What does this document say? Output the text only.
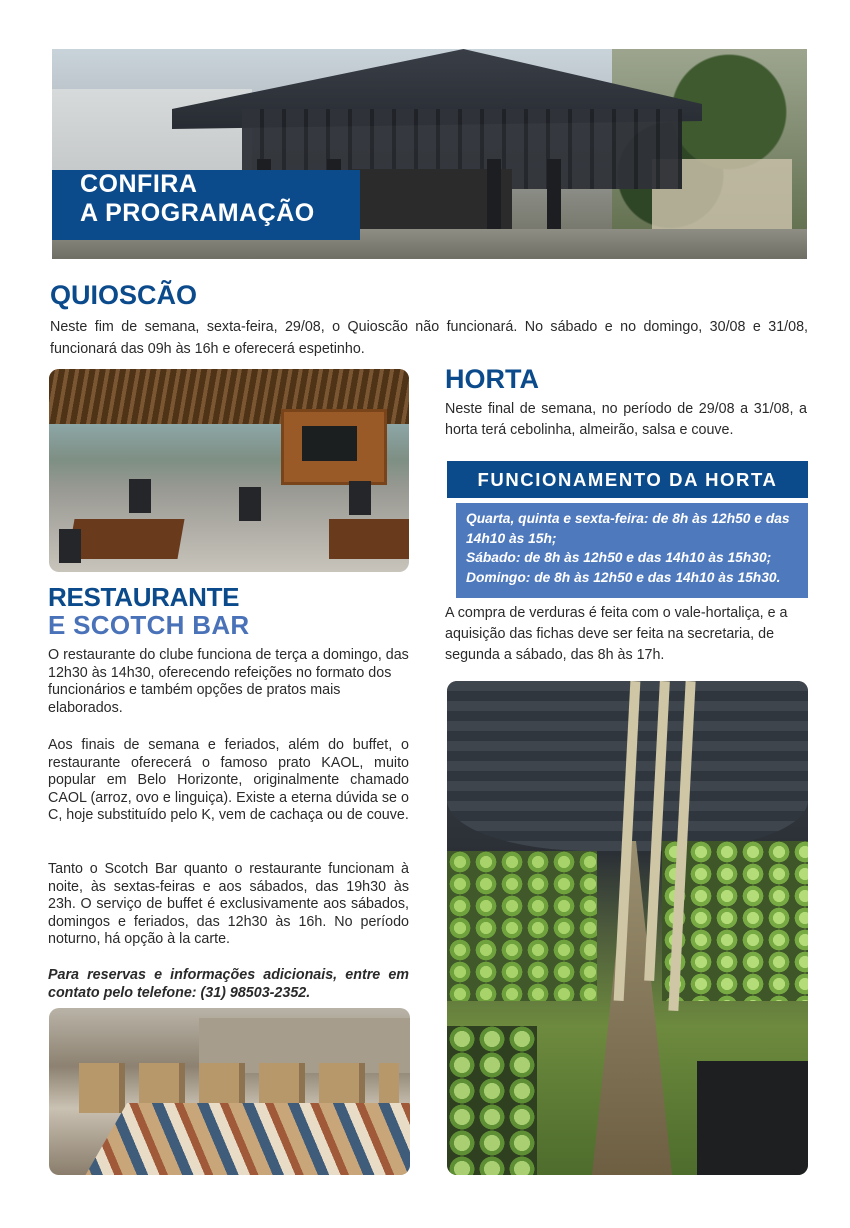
CONFIRA
A PROGRAMAÇÃO
QUIOSCÃO
Neste fim de semana, sexta-feira, 29/08, o Quioscão não funcionará. No sábado e no domingo, 30/08 e 31/08, funcionará das 09h às 16h e oferecerá espetinho.
RESTAURANTE
E SCOTCH BAR
O restaurante do clube funciona de terça a domingo, das 12h30 às 14h30, oferecendo refeições no formato dos funcionários e também opções de pratos mais elaborados.
Aos finais de semana e feriados, além do buffet, o restaurante oferecerá o famoso prato KAOL, muito popular em Belo Horizonte, originalmente chamado CAOL (arroz, ovo e linguiça). Existe a eterna dúvida se o C, hoje substituído pelo K, vem de cachaça ou de couve.
Tanto o Scotch Bar quanto o restaurante funcionam à noite, às sextas-feiras e aos sábados, das 19h30 às 23h. O serviço de buffet é exclusivamente aos sábados, domingos e feriados, das 12h30 às 16h. No período noturno, há opção à la carte.
Para reservas e informações adicionais, entre em contato pelo telefone: (31) 98503-2352.
HORTA
Neste final de semana, no período de 29/08 a 31/08, a horta terá cebolinha, almeirão, salsa e couve.
FUNCIONAMENTO DA HORTA
Quarta, quinta e sexta-feira: de 8h às 12h50 e das 14h10 às 15h;
Sábado: de 8h às 12h50 e das 14h10 às 15h30;
Domingo: de 8h às 12h50 e das 14h10 às 15h30.
A compra de verduras é feita com o vale-hortaliça, e a aquisição das fichas deve ser feita na secretaria, de segunda a sábado, das 8h às 17h.
